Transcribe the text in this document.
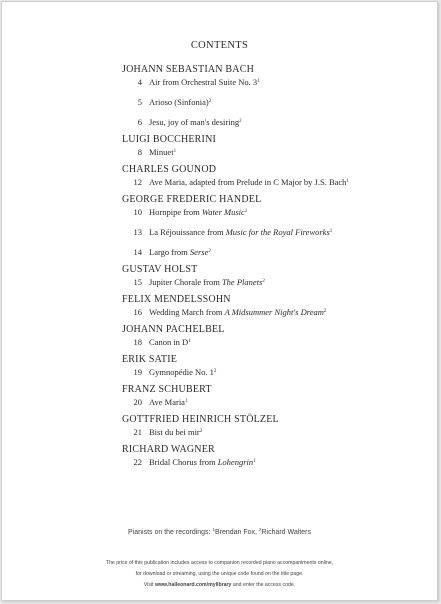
CONTENTS
JOHANN SEBASTIAN BACH
4 Air from Orchestral Suite No. $3^1$
5 Arioso (Sinfonia)$^2$
6 Jesu, joy of man's desiring$^2$
LUIGI BOCCHERINI
8 Minuet$^1$
CHARLES GOUNOD
12 Ave Maria, adapted from Prelude in C Major by J.S. Bach$^1$
GEORGE FREDERIC HANDEL
10 Hornpipe from Water Music$^1$
13 La Réjouissance from Music for the Royal Fireworks$^1$
14 Largo from Serse$^2$
GUSTAV HOLST
15 Jupiter Chorale from The Planets$^2$
FELIX MENDELSSOHN
16 Wedding March from A Midsummer Night's Dream$^2$
JOHANN PACHELBEL
18 Canon in $D^1$
ERIK SATIE
19 Gymnopédie No. $1^2$
FRANZ SCHUBERT
20 Ave Maria$^1$
GOTTFRIED HEINRICH STÖLZEL
21 Bist du bei mir$^2$
RICHARD WAGNER
22 Bridal Chorus from Lohengrin$^1$
Pianists on the recordings: $^1$Brendan Fox, $^2$Richard Walters
The price of this publication includes access to companion recorded piano accompaniments online,
for download or streaming, using the unique code found on the title page.
Visit www.halleonard.com/mylibrary and enter the access code.
